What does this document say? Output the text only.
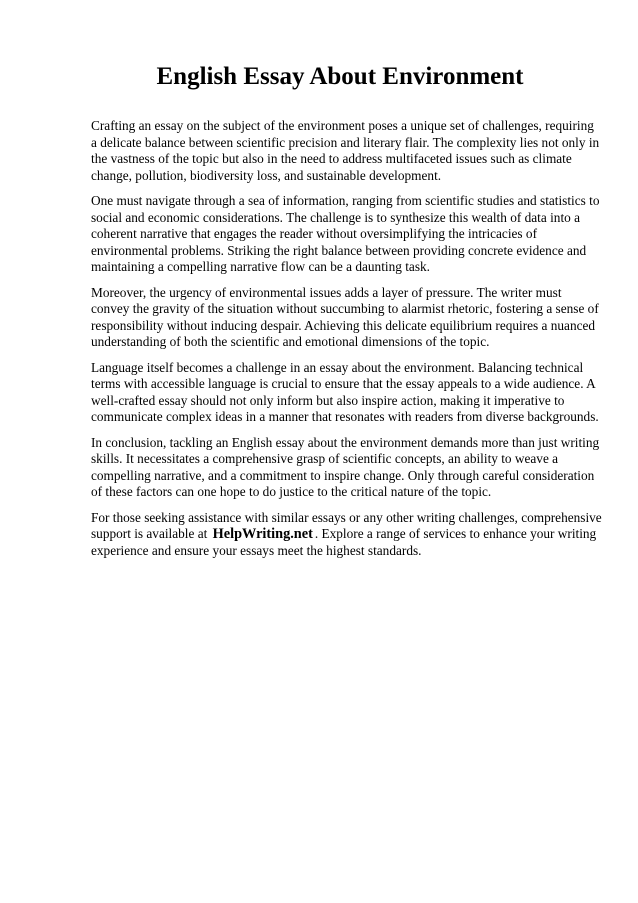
English Essay About Environment

Crafting an essay on the subject of the environment poses a unique set of challenges, requiring a delicate balance between scientific precision and literary flair. The complexity lies not only in the vastness of the topic but also in the need to address multifaceted issues such as climate change, pollution, biodiversity loss, and sustainable development.

One must navigate through a sea of information, ranging from scientific studies and statistics to social and economic considerations. The challenge is to synthesize this wealth of data into a coherent narrative that engages the reader without oversimplifying the intricacies of environmental problems. Striking the right balance between providing concrete evidence and maintaining a compelling narrative flow can be a daunting task.

Moreover, the urgency of environmental issues adds a layer of pressure. The writer must convey the gravity of the situation without succumbing to alarmist rhetoric, fostering a sense of responsibility without inducing despair. Achieving this delicate equilibrium requires a nuanced understanding of both the scientific and emotional dimensions of the topic.

Language itself becomes a challenge in an essay about the environment. Balancing technical terms with accessible language is crucial to ensure that the essay appeals to a wide audience. A well-crafted essay should not only inform but also inspire action, making it imperative to communicate complex ideas in a manner that resonates with readers from diverse backgrounds.

In conclusion, tackling an English essay about the environment demands more than just writing skills. It necessitates a comprehensive grasp of scientific concepts, an ability to weave a compelling narrative, and a commitment to inspire change. Only through careful consideration of these factors can one hope to do justice to the critical nature of the topic.

For those seeking assistance with similar essays or any other writing challenges, comprehensive support is available at HelpWriting.net . Explore a range of services to enhance your writing experience and ensure your essays meet the highest standards.
